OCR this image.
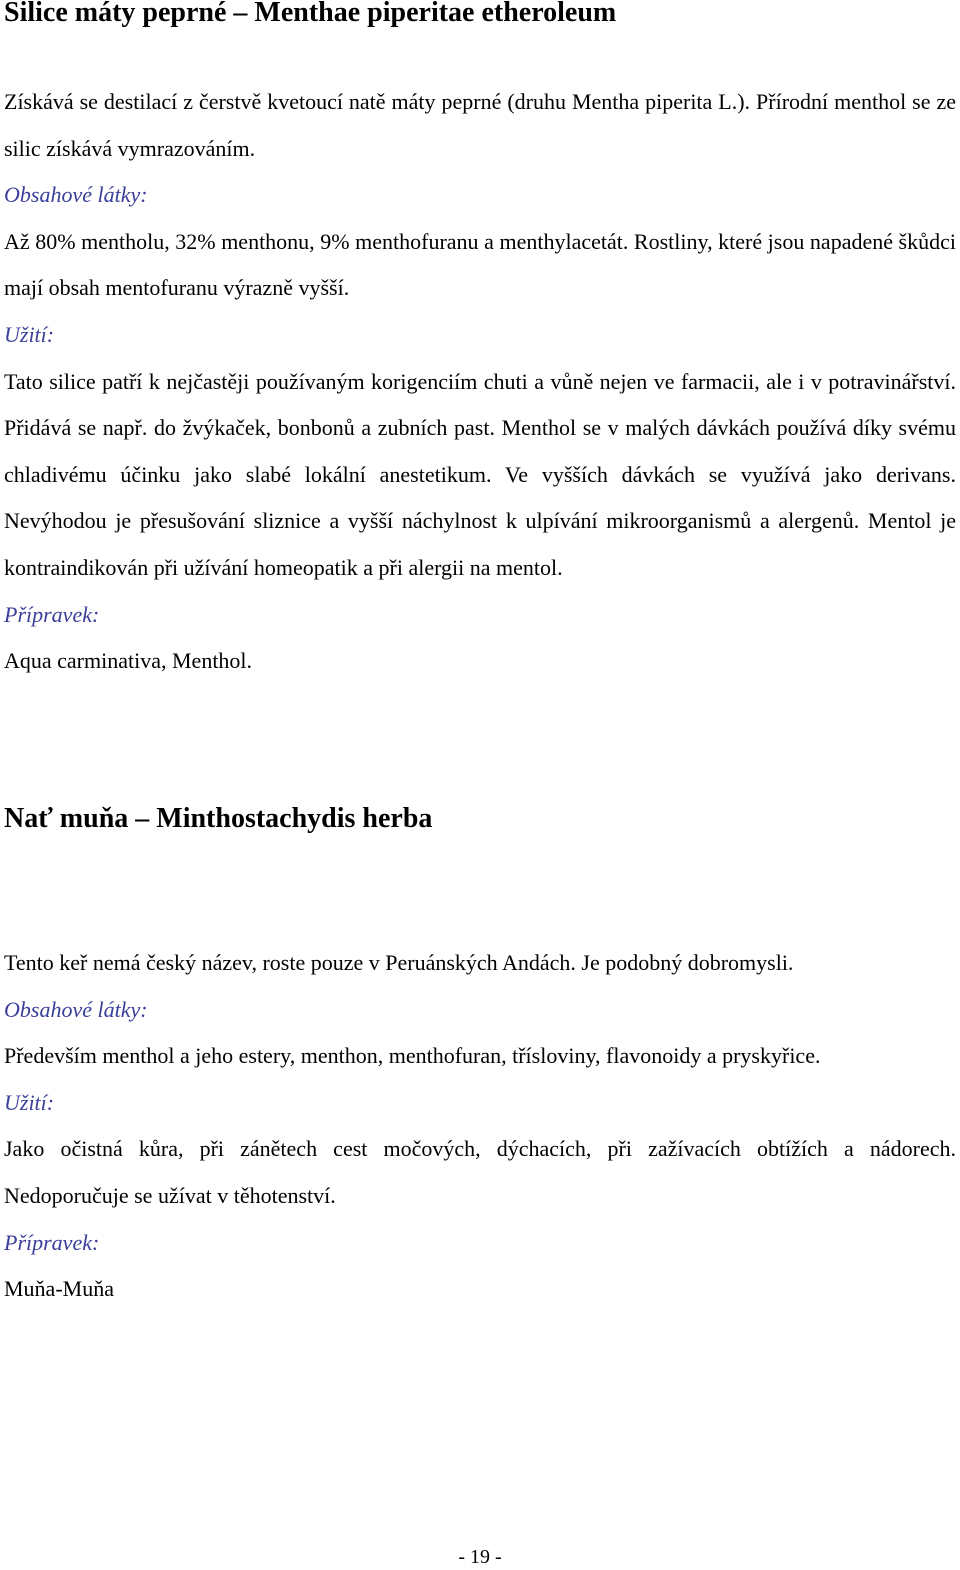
Silice máty peprné – Menthae piperitae etheroleum

Získává se destilací z čerstvě kvetoucí natě máty peprné (druhu Mentha piperita L.). Přírodní menthol se ze silic získává vymrazováním.

Obsahové látky:

Až 80% mentholu, 32% menthonu, 9% menthofuranu a menthylacetát. Rostliny, které jsou napadené škůdci mají obsah mentofuranu výrazně vyšší.

Užití:

Tato silice patří k nejčastěji používaným korigenciím chuti a vůně nejen ve farmacii, ale i v potravinářství. Přidává se např. do žvýkaček, bonbonů a zubních past. Menthol se v malých dávkách používá díky svému chladivému účinku jako slabé lokální anestetikum. Ve vyšších dávkách se využívá jako derivans. Nevýhodou je přesušování sliznice a vyšší náchylnost k ulpívání mikroorganismů a alergenů. Mentol je kontraindikován při užívání homeopatik a při alergii na mentol.

Přípravek:

Aqua carminativa, Menthol.

Nať muňa – Minthostachydis herba

Tento keř nemá český název, roste pouze v Peruánských Andách. Je podobný dobromysli.

Obsahové látky:

Především menthol a jeho estery, menthon, menthofuran, třísloviny, flavonoidy a pryskyřice.

Užití:

Jako očistná kůra, při zánětech cest močových, dýchacích, při zažívacích obtížích a nádorech. Nedoporučuje se užívat v těhotenství.

Přípravek:

Muňa-Muňa

- 19 -
